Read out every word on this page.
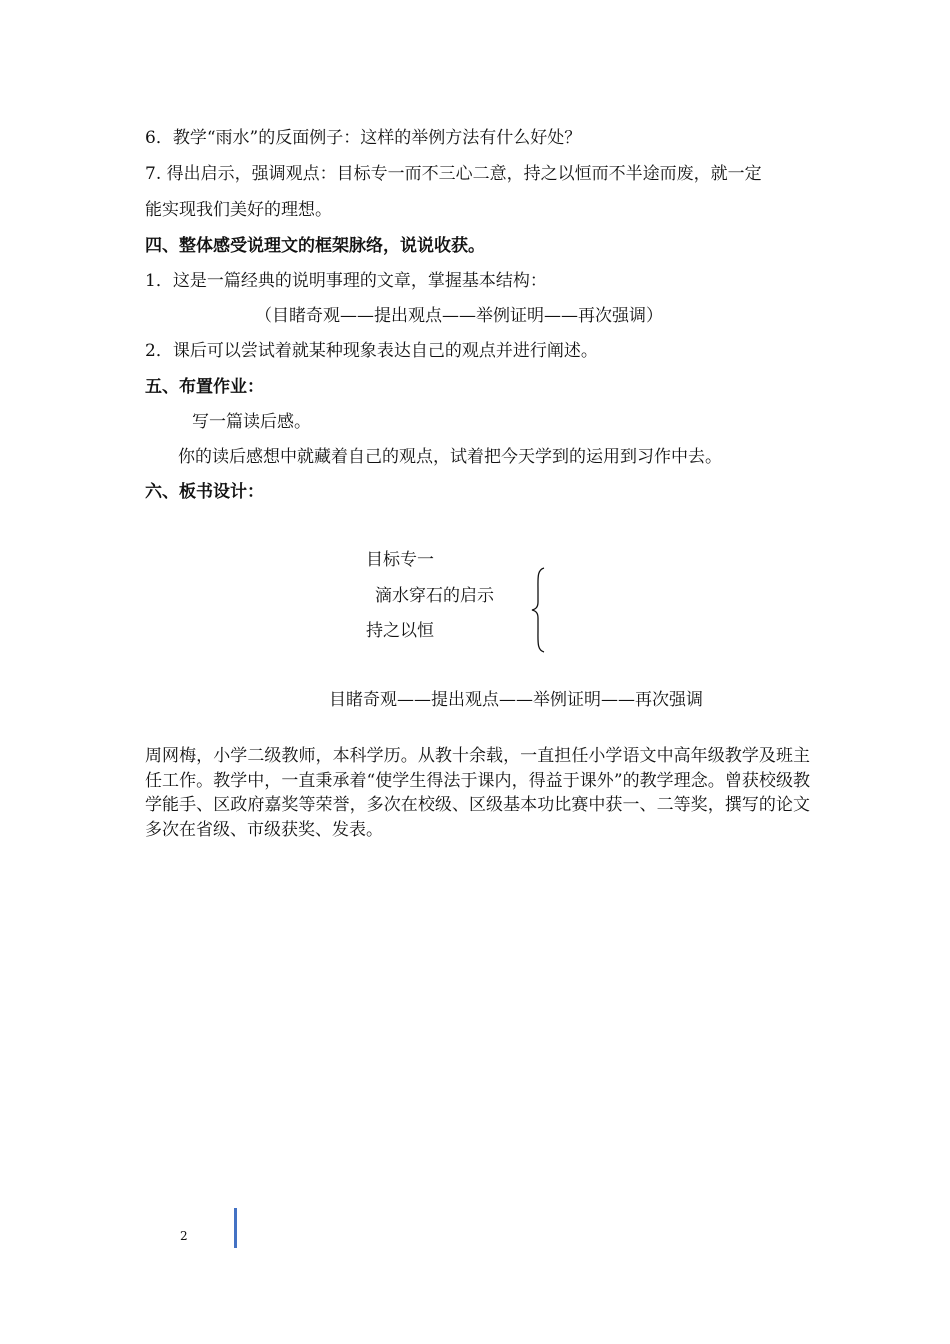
6．教学“雨水”的反面例子：这样的举例方法有什么好处？
7. 得出启示，强调观点：目标专一而不三心二意，持之以恒而不半途而废，就一定
能实现我们美好的理想。
四、整体感受说理文的框架脉络，说说收获。
1．这是一篇经典的说明事理的文章，掌握基本结构：
（目睹奇观——提出观点——举例证明——再次强调）
2．课后可以尝试着就某种现象表达自己的观点并进行阐述。
五、布置作业：
写一篇读后感。
你的读后感想中就藏着自己的观点，试着把今天学到的运用到习作中去。
六、板书设计：
目标专一
滴水穿石的启示
持之以恒
目睹奇观——提出观点——举例证明——再次强调
周网梅，小学二级教师，本科学历。从教十余载，一直担任小学语文中高年级教学及班主任工作。教学中，一直秉承着“使学生得法于课内，得益于课外”的教学理念。曾获校级教学能手、区政府嘉奖等荣誉，多次在校级、区级基本功比赛中获一、二等奖，撰写的论文多次在省级、市级获奖、发表。
2
